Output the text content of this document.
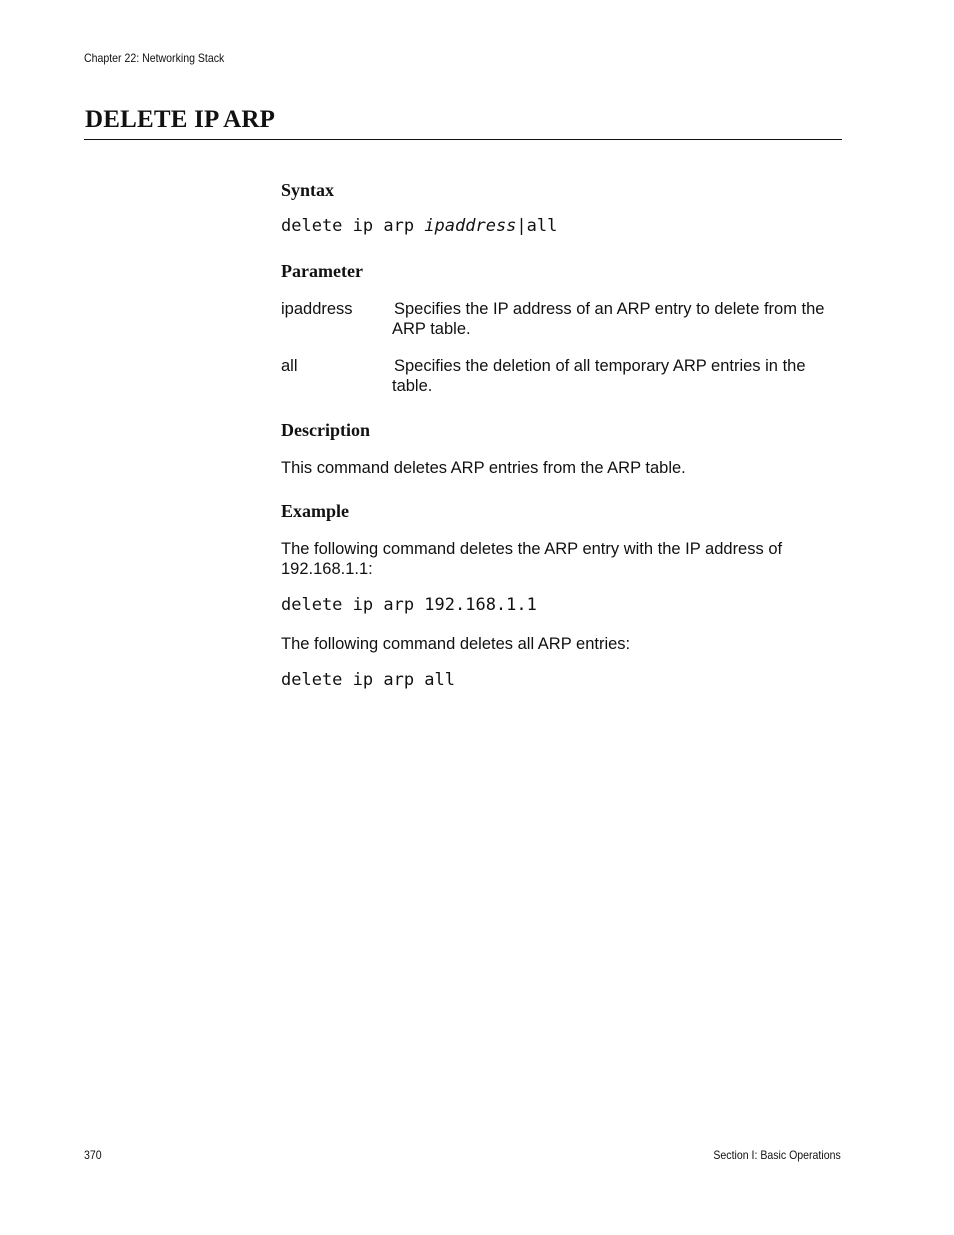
Chapter 22: Networking Stack
DELETE IP ARP
Syntax
delete ip arp ipaddress|all
Parameter
ipaddress	Specifies the IP address of an ARP entry to delete from the ARP table.
all	Specifies the deletion of all temporary ARP entries in the table.
Description
This command deletes ARP entries from the ARP table.
Example
The following command deletes the ARP entry with the IP address of 192.168.1.1:
delete ip arp 192.168.1.1
The following command deletes all ARP entries:
delete ip arp all
370	Section I: Basic Operations
